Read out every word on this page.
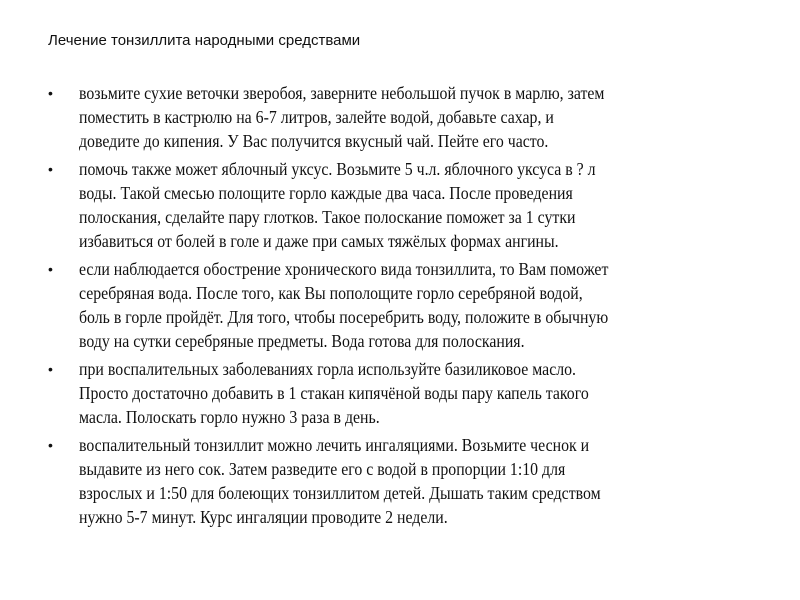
Лечение тонзиллита народными средствами
• возьмите сухие веточки зверобоя, заверните небольшой пучок в марлю, затем
поместить в кастрюлю на 6-7 литров, залейте водой, добавьте сахар, и
доведите до кипения. У Вас получится вкусный чай. Пейте его часто.
• помочь также может яблочный уксус. Возьмите 5 ч.л. яблочного уксуса в ? л
воды. Такой смесью полощите горло каждые два часа. После проведения
полоскания, сделайте пару глотков. Такое полоскание поможет за 1 сутки
избавиться от болей в голе и даже при самых тяжёлых формах ангины.
• если наблюдается обострение хронического вида тонзиллита, то Вам поможет
серебряная вода. После того, как Вы пополощите горло серебряной водой,
боль в горле пройдёт. Для того, чтобы посеребрить воду, положите в обычную
воду на сутки серебряные предметы. Вода готова для полоскания.
• при воспалительных заболеваниях горла используйте базиликовое масло.
Просто достаточно добавить в 1 стакан кипячёной воды пару капель такого
масла. Полоскать горло нужно 3 раза в день.
• воспалительный тонзиллит можно лечить ингаляциями. Возьмите чеснок и
выдавите из него сок. Затем разведите его с водой в пропорции 1:10 для
взрослых и 1:50 для болеющих тонзиллитом детей. Дышать таким средством
нужно 5-7 минут. Курс ингаляции проводите 2 недели.
